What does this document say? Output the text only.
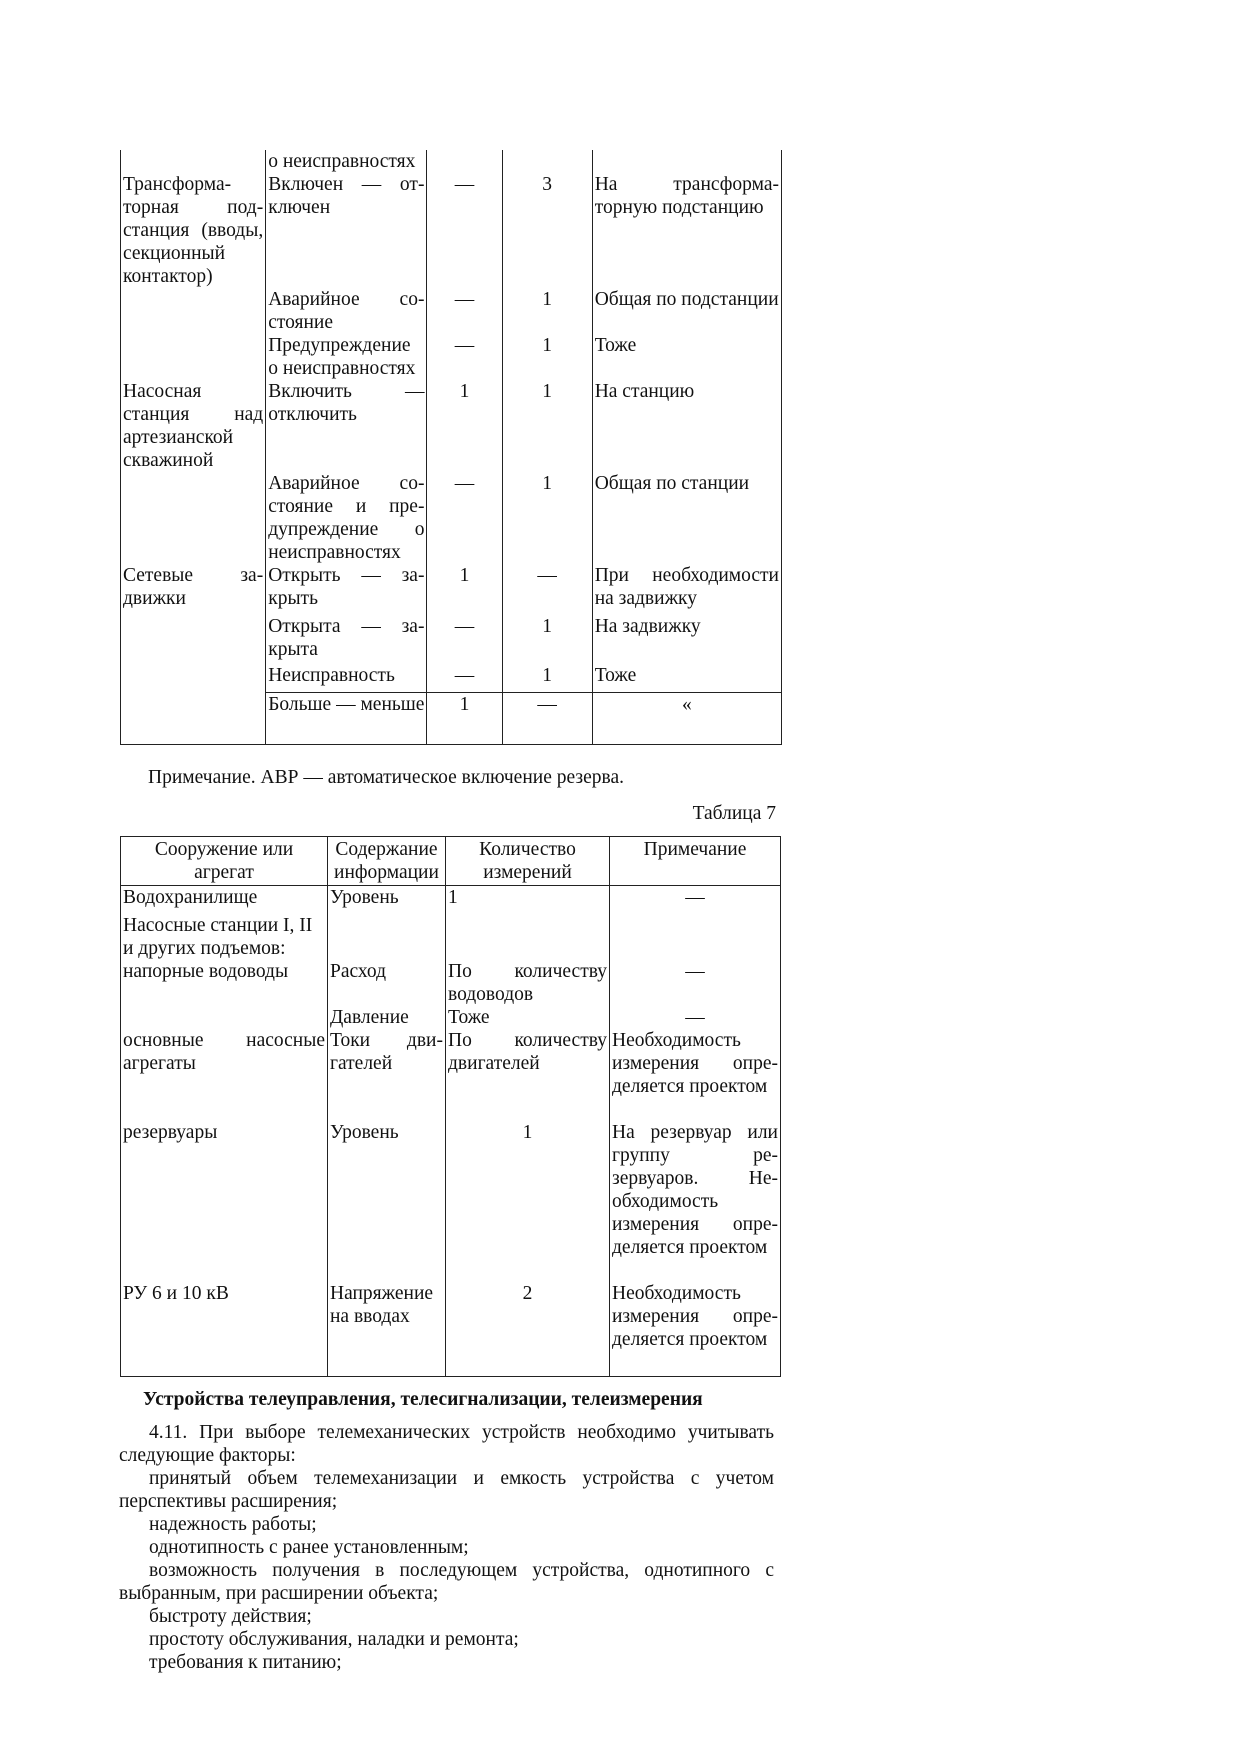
	о неисправностях			
Трансформаторная подстанция (вводы, секционный контактор)	Включен — отключен	—	3	На трансформаторную подстанцию
	Аварийное состояние	—	1	Общая по подстанции
	Предупреждение о неисправностях	—	1	Тоже
Насосная станция над артезианской скважиной	Включить — отключить	1	1	На станцию
	Аварийное состояние и предупреждение о неисправностях	—	1	Общая по станции
Сетевые задвижки	Открыть — закрыть	1	—	При необходимости на задвижку
	Открыта — закрыта	—	1	На задвижку
	Неисправность	—	1	Тоже
	Больше — меньше	1	—	«
Примечание. АВР — автоматическое включение резерва.
Таблица 7
Сооружение или агрегат	Содержание информации	Количество измерений	Примечание
Водохранилище	Уровень	1	—
Насосные станции I, II и других подъемов:			
напорные водоводы	Расход	По количеству водоводов	—
	Давление	Тоже	—
основные насосные агрегаты	Токи двигателей	По количеству двигателей	Необходимость измерения определяется проектом
резервуары	Уровень	1	На резервуар или группу резервуаров. Необходимость измерения определяется проектом
РУ 6 и 10 кВ	Напряжение на вводах	2	Необходимость измерения определяется проектом
Устройства телеуправления, телесигнализации, телеизмерения
4.11. При выборе телемеханических устройств необходимо учитывать следующие факторы:
принятый объем телемеханизации и емкость устройства с учетом перспективы расширения;
надежность работы;
однотипность с ранее установленным;
возможность получения в последующем устройства, однотипного с выбранным, при расширении объекта;
быстроту действия;
простоту обслуживания, наладки и ремонта;
требования к питанию;
